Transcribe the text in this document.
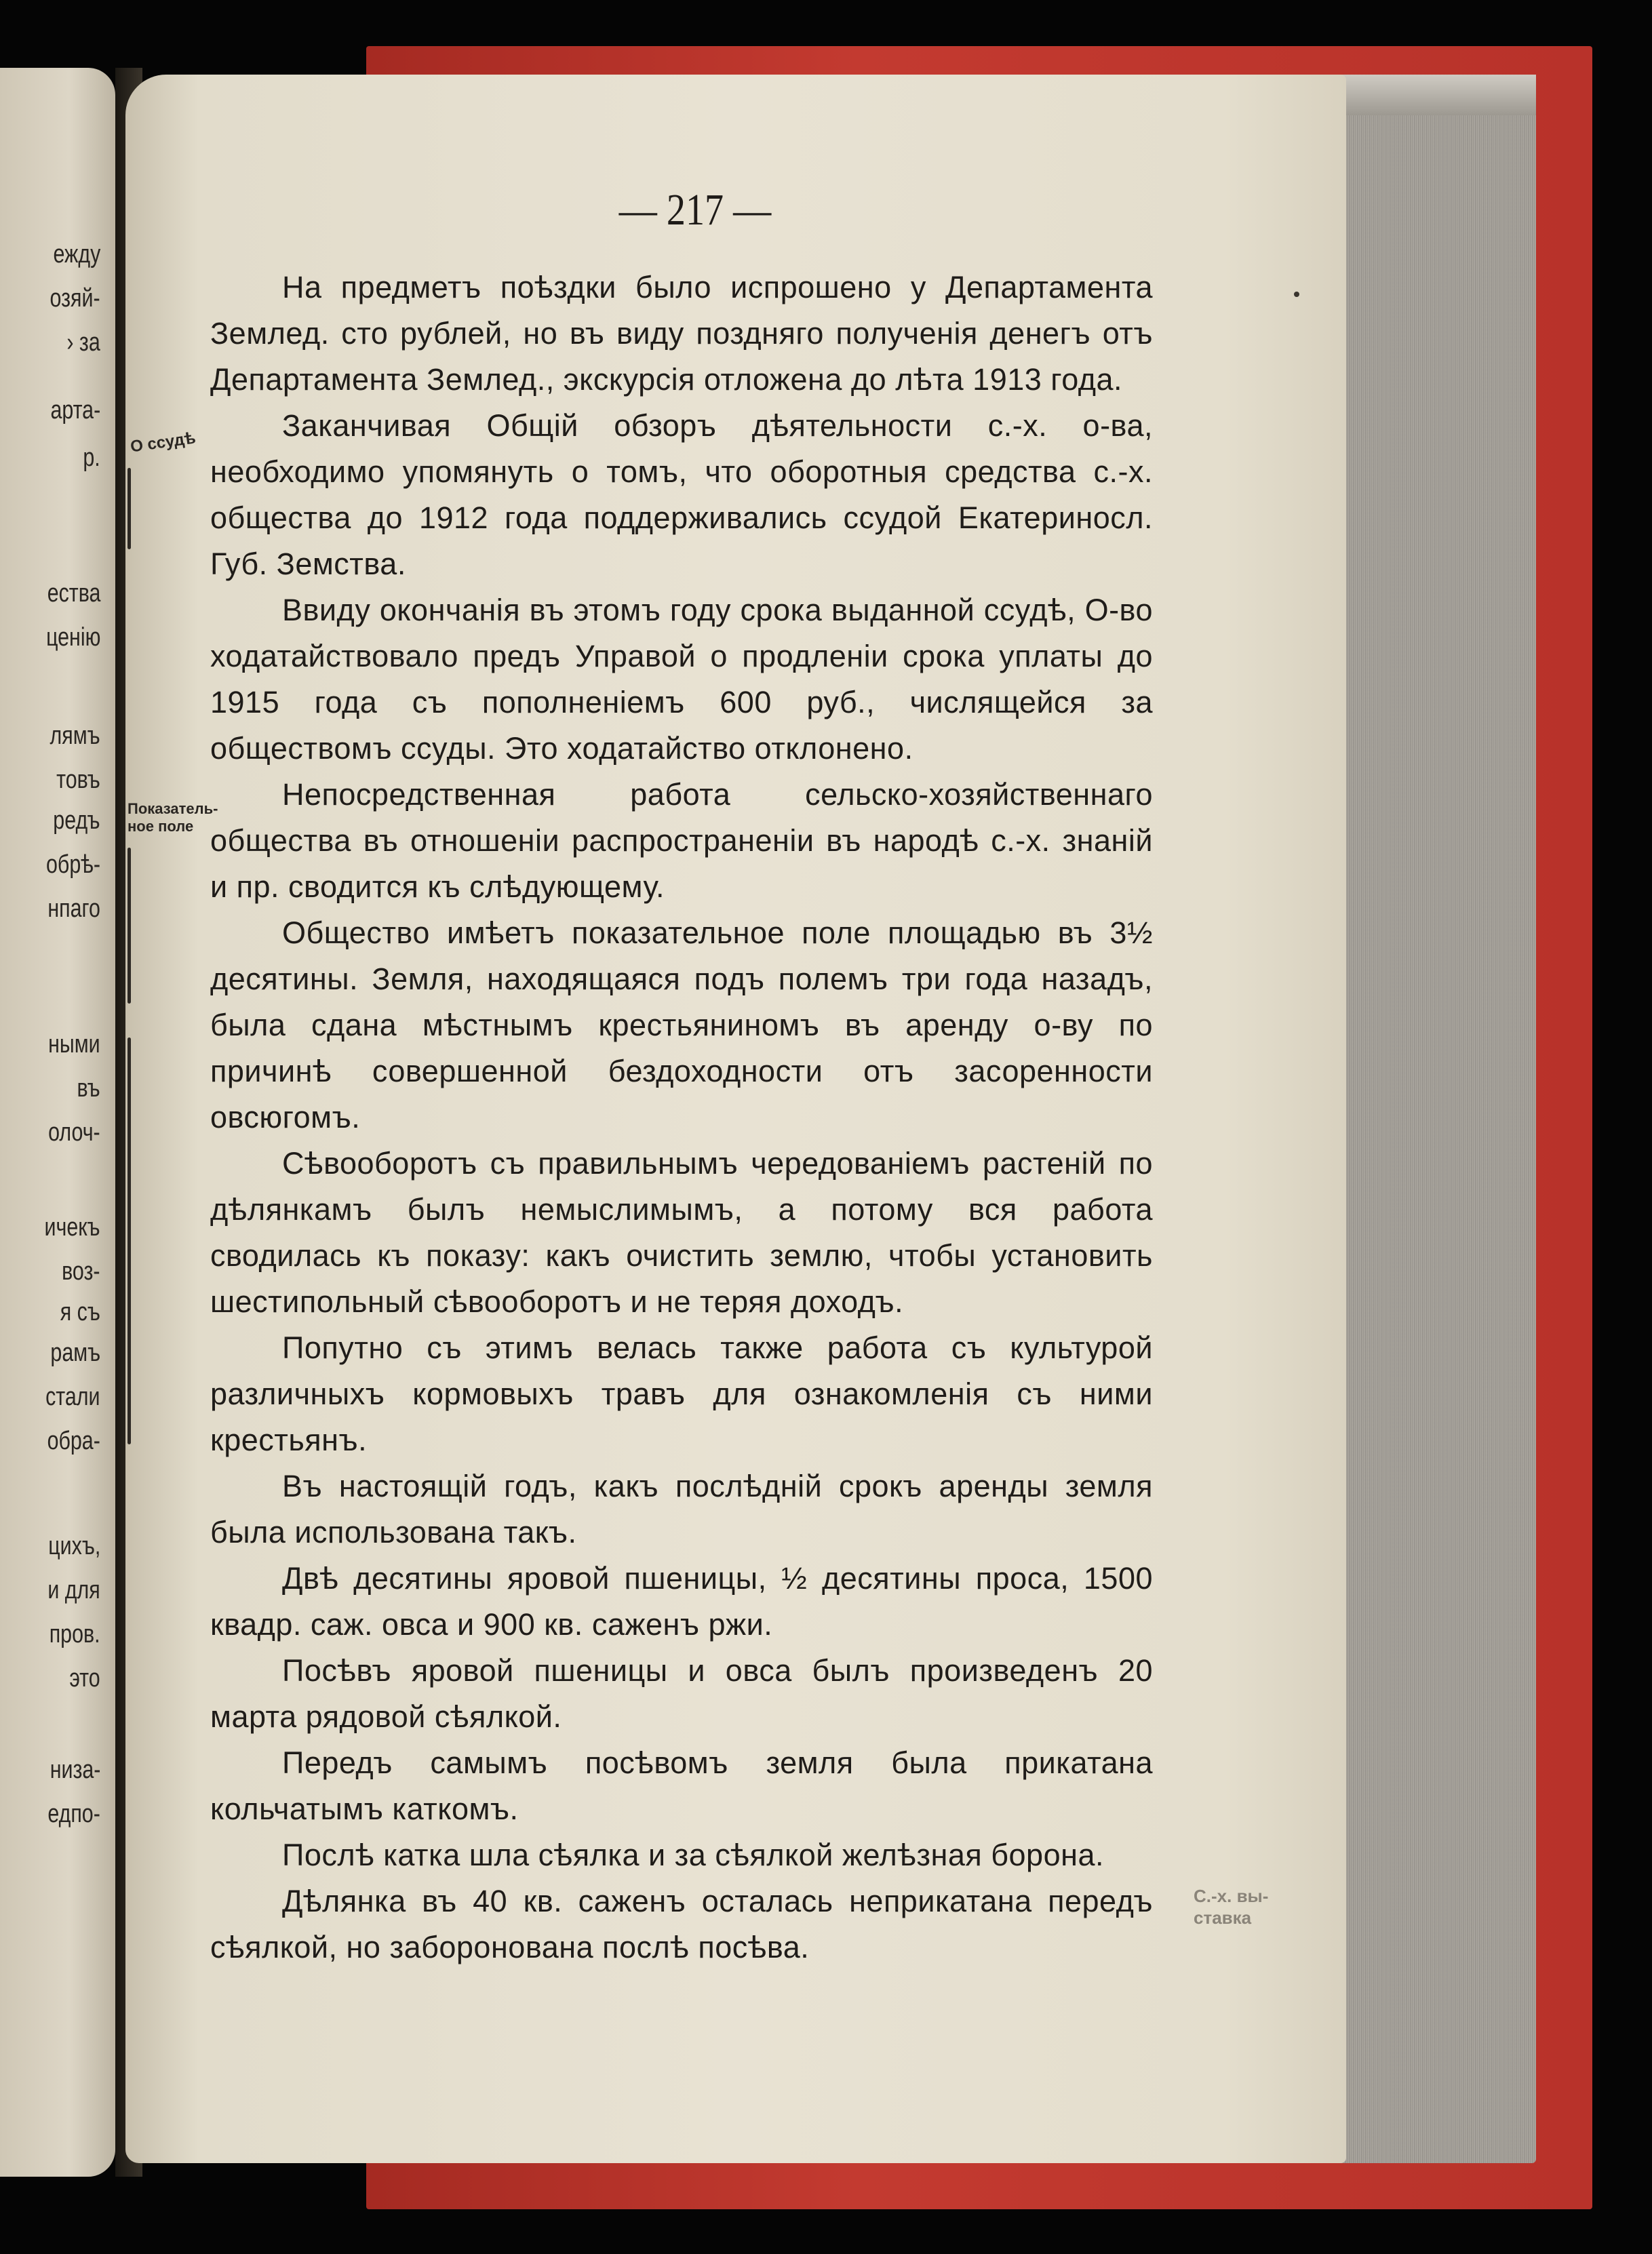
ежду
озяй-
› за
арта-
р.
ества
ценію
лямъ
товъ
редъ
обрѣ-
нпаго
ными
въ
олоч-
ичекъ
воз-
я съ
рамъ
стали
обра-
цихъ,
и для
пров.
это
низа-
едпо-
— 217 —
О ссудѣ
Показатель-ное поле
С.-х. вы-ставка

На предметъ поѣздки было испрошено у Департамента Землед. сто рублей, но въ виду поздняго полученія денегъ отъ Департамента Землед., экскурсія отложена до лѣта 1913 года.

Заканчивая Общій обзоръ дѣятельности с.-х. о-ва, необходимо упомянуть о томъ, что оборотныя средства с.-х. общества до 1912 года поддерживались ссудой Екатериносл. Губ. Земства.

Ввиду окончанія въ этомъ году срока выданной ссудѣ, О-во ходатайствовало предъ Управой о продленіи срока уплаты до 1915 года съ пополненіемъ 600 руб., числящейся за обществомъ ссуды. Это ходатайство отклонено.

Непосредственная работа сельско-хозяйственнаго общества въ отношеніи распространеніи въ народѣ с.-х. знаній и пр. сводится къ слѣдующему.

Общество имѣетъ показательное поле площадью въ 3½ десятины. Земля, находящаяся подъ полемъ три года назадъ, была сдана мѣстнымъ крестьяниномъ въ аренду о-ву по причинѣ совершенной бездоходности отъ засоренности овсюгомъ.

Сѣвооборотъ съ правильнымъ чередованіемъ растеній по дѣлянкамъ былъ немыслимымъ, а потому вся работа сводилась къ показу: какъ очистить землю, чтобы установить шестипольный сѣвооборотъ и не теряя доходъ.

Попутно съ этимъ велась также работа съ культурой различныхъ кормовыхъ травъ для ознакомленія съ ними крестьянъ.

Въ настоящій годъ, какъ послѣдній срокъ аренды земля была использована такъ.

Двѣ десятины яровой пшеницы, ½ десятины проса, 1500 квадр. саж. овса и 900 кв. саженъ ржи.

Посѣвъ яровой пшеницы и овса былъ произведенъ 20 марта рядовой сѣялкой.

Передъ самымъ посѣвомъ земля была прикатана кольчатымъ каткомъ.

Послѣ катка шла сѣялка и за сѣялкой желѣзная борона.

Дѣлянка въ 40 кв. саженъ осталась неприкатана передъ сѣялкой, но заборонована послѣ посѣва.
